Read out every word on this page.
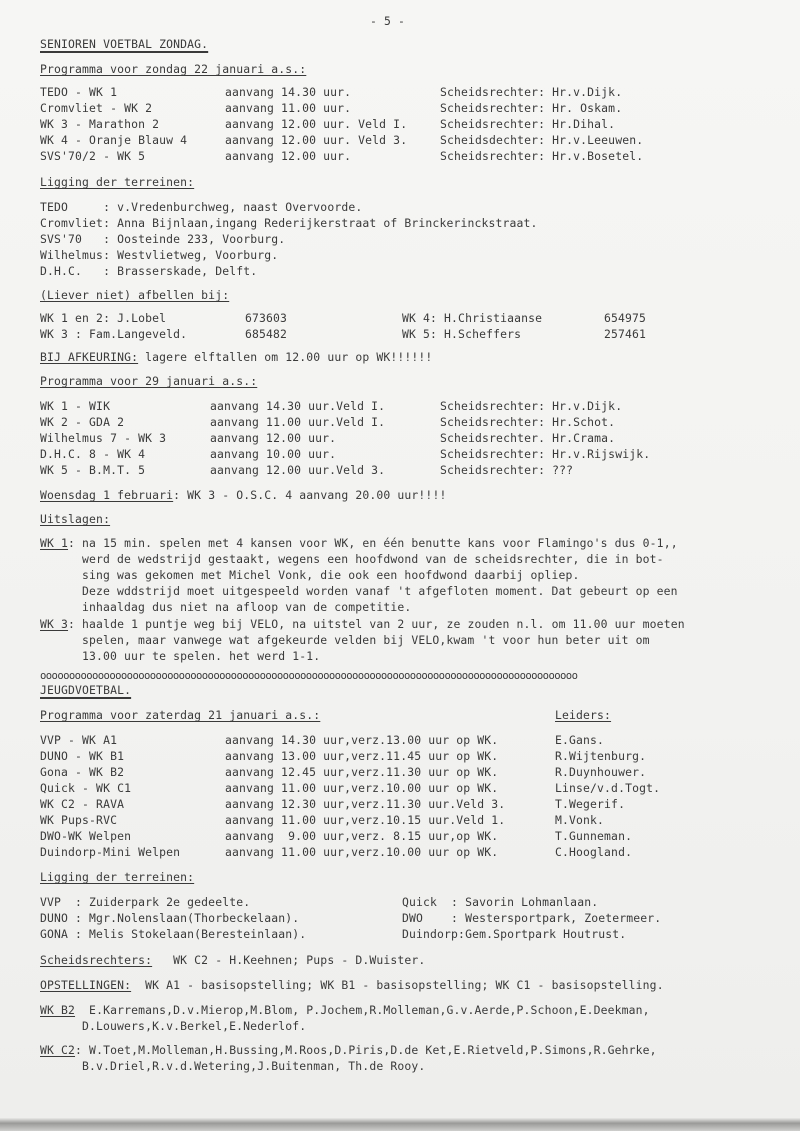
- 5 -
SENIOREN VOETBAL ZONDAG.
Programma voor zondag 22 januari a.s.:
TEDO - WK 1	aanvang 14.30 uur.	Scheidsrechter: Hr.v.Dijk.
Cromvliet - WK 2	aanvang 11.00 uur.	Scheidsrechter: Hr. Oskam.
WK 3 - Marathon 2	aanvang 12.00 uur. Veld I.	Scheidsrechter: Hr.Dihal.
WK 4 - Oranje Blauw 4	aanvang 12.00 uur. Veld 3.	Scheidsdechter: Hr.v.Leeuwen.
SVS'70/2 - WK 5	aanvang 12.00 uur.	Scheidsrechter: Hr.v.Bosetel.
Ligging der terreinen:
TEDO     : v.Vredenburchweg, naast Overvoorde.
Cromvliet: Anna Bijnlaan,ingang Rederijkerstraat of Brinckerinckstraat.
SVS'70   : Oosteinde 233, Voorburg.
Wilhelmus: Westvlietweg, Voorburg.
D.H.C.   : Brasserskade, Delft.
(Liever niet) afbellen bij:
WK 1 en 2: J.Lobel	673603	WK 4: H.Christiaanse	654975
WK 3 : Fam.Langeveld.	685482	WK 5: H.Scheffers	257461
BIJ AFKEURING: lagere elftallen om 12.00 uur op WK!!!!!!
Programma voor 29 januari a.s.:
WK 1 - WIK	aanvang 14.30 uur.Veld I.	Scheidsrechter: Hr.v.Dijk.
WK 2 - GDA 2	aanvang 11.00 uur.Veld I.	Scheidsrechter: Hr.Schot.
Wilhelmus 7 - WK 3	aanvang 12.00 uur.	Scheidsrechter. Hr.Crama.
D.H.C. 8 - WK 4	aanvang 10.00 uur.	Scheidsrechter: Hr.v.Rijswijk.
WK 5 - B.M.T. 5	aanvang 12.00 uur.Veld 3.	Scheidsrechter: ???
Woensdag 1 februari: WK 3 - O.S.C. 4 aanvang 20.00 uur!!!!
Uitslagen:
WK 1: na 15 min. spelen met 4 kansen voor WK, en één benutte kans voor Flamingo's dus 0-1,,
werd de wedstrijd gestaakt, wegens een hoofdwond van de scheidsrechter, die in bot-
sing was gekomen met Michel Vonk, die ook een hoofdwond daarbij opliep.
Deze wddstrijd moet uitgespeeld worden vanaf 't afgefloten moment. Dat gebeurt op een
inhaaldag dus niet na afloop van de competitie.
WK 3: haalde 1 puntje weg bij VELO, na uitstel van 2 uur, ze zouden n.l. om 11.00 uur moeten
spelen, maar vanwege wat afgekeurde velden bij VELO,kwam 't voor hun beter uit om
13.00 uur te spelen. het werd 1-1.
ooooooooooooooooooooooooooooooooooooooooooooooooooooooooooooooooooooooooooooooooooooooooooooo
JEUGDVOETBAL.
Programma voor zaterdag 21 januari a.s.:	Leiders:
VVP - WK A1	aanvang 14.30 uur,verz.13.00 uur op WK.	E.Gans.
DUNO - WK B1	aanvang 13.00 uur,verz.11.45 uur op WK.	R.Wijtenburg.
Gona - WK B2	aanvang 12.45 uur,verz.11.30 uur op WK.	R.Duynhouwer.
Quick - WK C1	aanvang 11.00 uur,verz.10.00 uur op WK.	Linse/v.d.Togt.
WK C2 - RAVA	aanvang 12.30 uur,verz.11.30 uur.Veld 3.	T.Wegerif.
WK Pups-RVC	aanvang 11.00 uur,verz.10.15 uur.Veld 1.	M.Vonk.
DWO-WK Welpen	aanvang  9.00 uur,verz. 8.15 uur,op WK.	T.Gunneman.
Duindorp-Mini Welpen	aanvang 11.00 uur,verz.10.00 uur op WK.	C.Hoogland.
Ligging der terreinen:
VVP  : Zuiderpark 2e gedeelte.	Quick  : Savorin Lohmanlaan.
DUNO : Mgr.Nolenslaan(Thorbeckelaan).	DWO    : Westersportpark, Zoetermeer.
GONA : Melis Stokelaan(Beresteinlaan).	Duindorp:Gem.Sportpark Houtrust.
Scheidsrechters:   WK C2 - H.Keehnen; Pups - D.Wuister.
OPSTELLINGEN:  WK A1 - basisopstelling; WK B1 - basisopstelling; WK C1 - basisopstelling.
WK B2  E.Karremans,D.v.Mierop,M.Blom, P.Jochem,R.Molleman,G.v.Aerde,P.Schoon,E.Deekman,
D.Louwers,K.v.Berkel,E.Nederlof.
WK C2: W.Toet,M.Molleman,H.Bussing,M.Roos,D.Piris,D.de Ket,E.Rietveld,P.Simons,R.Gehrke,
B.v.Driel,R.v.d.Wetering,J.Buitenman, Th.de Rooy.
